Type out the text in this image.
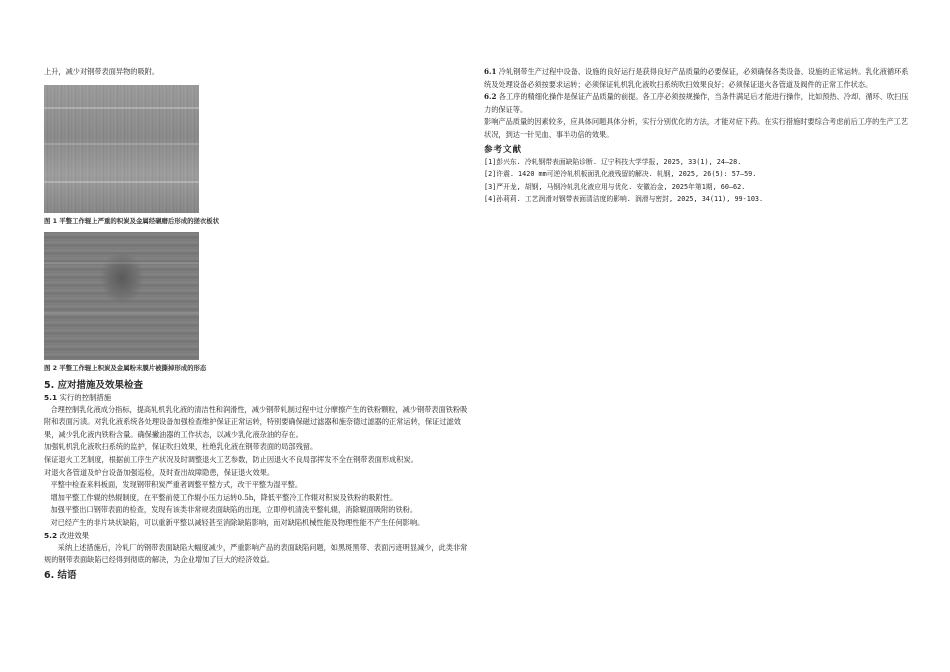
上升，减少对钢带表面异物的吸附。

图 1 平整工作辊上严重的积炭及金属经碾磨后形成的搓衣板状

图 2 平整工作辊上积炭及金属粉末膜片被撕掉形成的形态

5. 应对措施及效果检查

5.1 实行的控制措施

合理控制乳化液成分指标，提高轧机乳化液的清洁性和润滑性，减少钢带轧制过程中过分摩擦产生的铁粉颗粒，减少钢带表面铁粉吸附和表面污渍。对乳化液系统各处理设备加强检查维护保证正常运转，特别要确保磁过滤器和施奈德过滤器的正常运转，保证过滤效果，减少乳化液内铁粉含量。确保撇油器的工作状态，以减少乳化液杂油的存在。

加强轧机乳化液吹扫系统的监护，保证吹扫效果，杜绝乳化液在钢带表面的局部残留。

保证退火工艺制度，根据前工序生产状况及时调整退火工艺参数，防止因退火不良局部挥发不全在钢带表面形成积炭。

对退火各管道及炉台设备加强巡检，及时查出故障隐患，保证退火效果。

平整中检查来料板面，发现钢带积炭严重者调整平整方式，改干平整为湿平整。

增加平整工作辊的热辊制度，在平整前使工作辊小压力运转0.5h，降低平整冷工作辊对积炭及铁粉的吸附性。

加强平整出口钢带表面的检查，发现有该类非常规表面缺陷的出现，立即停机清洗平整轧辊，消除辊面吸附的铁粉。

对已经产生的非片块状缺陷，可以重新平整以减轻甚至消除缺陷影响，而对缺陷机械性能及物理性能不产生任何影响。

5.2 改进效果

采纳上述措施后，冷轧厂的钢带表面缺陷大幅度减少，严重影响产品的表面缺陷问题，如黑斑黑带、表面污迹明显减少，此类非常规的钢带表面缺陷已经得到彻底的解决，为企业增加了巨大的经济效益。

6. 结语

6.1 冷轧钢带生产过程中设备、设施的良好运行是获得良好产品质量的必要保证，必须确保各类设备、设施的正常运转。乳化液循环系统及处理设备必须按要求运转；必须保证轧机乳化液吹扫系统吹扫效果良好；必须保证退火各管道及阀件的正常工作状态。

6.2 各工序的精细化操作是保证产品质量的前提。各工序必须按规操作，当条件满足后才能进行操作，比如预热、冷却、循环、吹扫压力的保证等。

影响产品质量的因素较多，应具体问题具体分析，实行分别优化的方法，才能对症下药。在实行措施时要综合考虑前后工序的生产工艺状况，到达一针见血、事半功倍的效果。

参考文献

[1]彭兴东. 冷轧钢带表面缺陷诊断. 辽宁科技大学学报, 2025, 33(1), 24—28.

[2]许震. 1420 mm可逆冷轧机板面乳化液残留的解决. 轧钢, 2025, 26(5): 57—59.

[3]严开龙, 胡钢, 马钢冷轧乳化液应用与优化. 安徽冶金, 2025年第1期, 60—62.

[4]孙莉莉. 工艺润滑对钢带表面清洁度的影响. 润滑与密封, 2025, 34(11), 99-103.
